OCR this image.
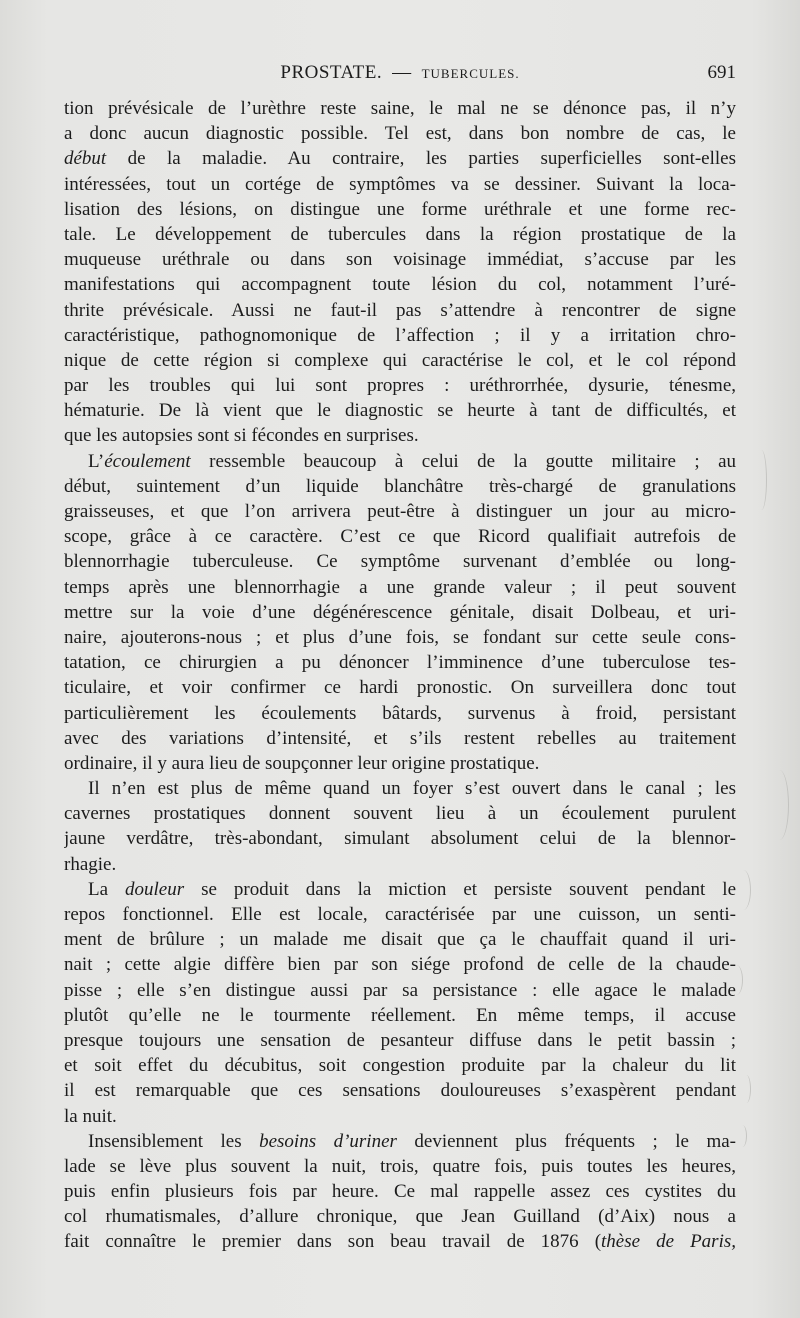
PROSTATE. — TUBERCULES.	691
tion prévésicale de l’urèthre reste saine, le mal ne se dénonce pas, il n’y
a donc aucun diagnostic possible. Tel est, dans bon nombre de cas, le
début de la maladie. Au contraire, les parties superficielles sont-elles
intéressées, tout un cortége de symptômes va se dessiner. Suivant la loca-
lisation des lésions, on distingue une forme uréthrale et une forme rec-
tale. Le développement de tubercules dans la région prostatique de la
muqueuse uréthrale ou dans son voisinage immédiat, s’accuse par les
manifestations qui accompagnent toute lésion du col, notamment l’uré-
thrite prévésicale. Aussi ne faut-il pas s’attendre à rencontrer de signe
caractéristique, pathognomonique de l’affection ; il y a irritation chro-
nique de cette région si complexe qui caractérise le col, et le col répond
par les troubles qui lui sont propres : uréthrorrhée, dysurie, ténesme,
hématurie. De là vient que le diagnostic se heurte à tant de difficultés, et
que les autopsies sont si fécondes en surprises.
L’écoulement ressemble beaucoup à celui de la goutte militaire ; au
début, suintement d’un liquide blanchâtre très-chargé de granulations
graisseuses, et que l’on arrivera peut-être à distinguer un jour au micro-
scope, grâce à ce caractère. C’est ce que Ricord qualifiait autrefois de
blennorrhagie tuberculeuse. Ce symptôme survenant d’emblée ou long-
temps après une blennorrhagie a une grande valeur ; il peut souvent
mettre sur la voie d’une dégénérescence génitale, disait Dolbeau, et uri-
naire, ajouterons-nous ; et plus d’une fois, se fondant sur cette seule cons-
tatation, ce chirurgien a pu dénoncer l’imminence d’une tuberculose tes-
ticulaire, et voir confirmer ce hardi pronostic. On surveillera donc tout
particulièrement les écoulements bâtards, survenus à froid, persistant
avec des variations d’intensité, et s’ils restent rebelles au traitement
ordinaire, il y aura lieu de soupçonner leur origine prostatique.
Il n’en est plus de même quand un foyer s’est ouvert dans le canal ; les
cavernes prostatiques donnent souvent lieu à un écoulement purulent
jaune verdâtre, très-abondant, simulant absolument celui de la blennor-
rhagie.
La douleur se produit dans la miction et persiste souvent pendant le
repos fonctionnel. Elle est locale, caractérisée par une cuisson, un senti-
ment de brûlure ; un malade me disait que ça le chauffait quand il uri-
nait ; cette algie diffère bien par son siége profond de celle de la chaude-
pisse ; elle s’en distingue aussi par sa persistance : elle agace le malade
plutôt qu’elle ne le tourmente réellement. En même temps, il accuse
presque toujours une sensation de pesanteur diffuse dans le petit bassin ;
et soit effet du décubitus, soit congestion produite par la chaleur du lit
il est remarquable que ces sensations douloureuses s’exaspèrent pendant
la nuit.
Insensiblement les besoins d’uriner deviennent plus fréquents ; le ma-
lade se lève plus souvent la nuit, trois, quatre fois, puis toutes les heures,
puis enfin plusieurs fois par heure. Ce mal rappelle assez ces cystites du
col rhumatismales, d’allure chronique, que Jean Guilland (d’Aix) nous a
fait connaître le premier dans son beau travail de 1876 (thèse de Paris,
